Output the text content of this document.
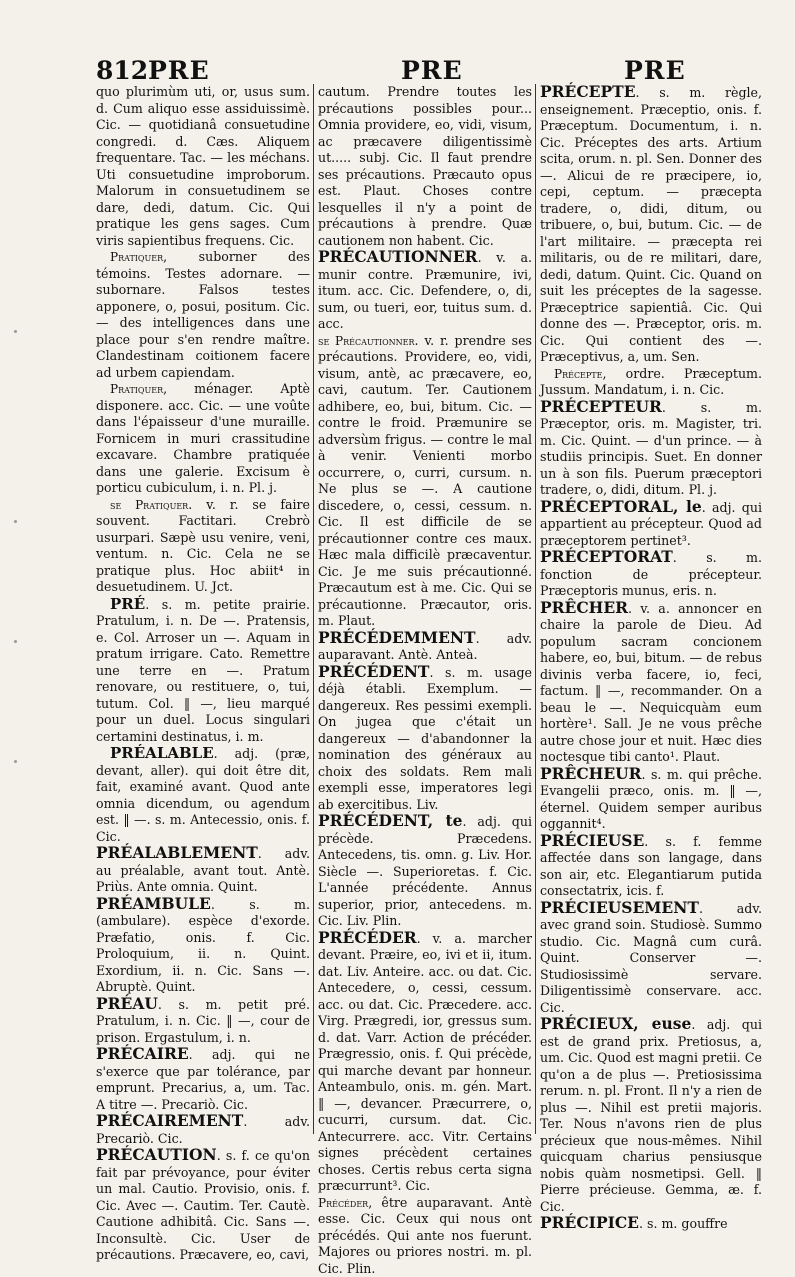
812 PRE	PRE	PRE

quo plurimùm uti, or, usus sum. d. Cum aliquo esse assiduissimè. Cic. — quotidianâ consuetudine congredi. d. Cæs. Aliquem frequentare. Tac. — les méchans. Uti consuetudine improborum. Malorum in consuetudinem se dare, dedi, datum. Cic. Qui pratique les gens sages. Cum viris sapientibus frequens. Cic.

Pratiquer, suborner des témoins. Testes adornare. — subornare. Falsos testes apponere, o, posui, positum. Cic. — des intelligences dans une place pour s'en rendre maître. Clandestinam coitionem facere ad urbem capiendam.

Pratiquer, ménager. Aptè disponere. acc. Cic. — une voûte dans l'épaisseur d'une muraille. Fornicem in muri crassitudine excavare. Chambre pratiquée dans une galerie. Excisum è porticu cubiculum, i. n. Pl. j.

se Pratiquer. v. r. se faire souvent. Factitari. Crebrò usurpari. Sæpè usu venire, veni, ventum. n. Cic. Cela ne se pratique plus. Hoc abiit⁴ in desuetudinem. U. Jct.

PRÉ. s. m. petite prairie. Pratulum, i. n. De —. Pratensis, e. Col. Arroser un —. Aquam in pratum irrigare. Cato. Remettre une terre en —. Pratum renovare, ou restituere, o, tui, tutum. Col. ‖ —, lieu marqué pour un duel. Locus singulari certamini destinatus, i. m.

PRÉALABLE. adj. (præ, devant, aller). qui doit être dit, fait, examiné avant. Quod ante omnia dicendum, ou agendum est. ‖ —. s. m. Antecessio, onis. f. Cic.

PRÉALABLEMENT. adv. au préalable, avant tout. Antè. Priùs. Ante omnia. Quint.

PRÉAMBULE. s. m. (ambulare). espèce d'exorde. Præfatio, onis. f. Cic. Proloquium, ii. n. Quint. Exordium, ii. n. Cic. Sans —. Abruptè. Quint.

PRÉAU. s. m. petit pré. Pratulum, i. n. Cic. ‖ —, cour de prison. Ergastulum, i. n.

PRÉCAIRE. adj. qui ne s'exerce que par tolérance, par emprunt. Precarius, a, um. Tac. A titre —. Precariò. Cic.

PRÉCAIREMENT. adv. Precariò. Cic.

PRÉCAUTION. s. f. ce qu'on fait par prévoyance, pour éviter un mal. Cautio. Provisio, onis. f. Cic. Avec —. Cautim. Ter. Cautè. Cautione adhibitâ. Cic. Sans —. Inconsultè. Cic. User de précautions. Præcavere, eo, cavi,

cautum. Prendre toutes les précautions possibles pour... Omnia providere, eo, vidi, visum, ac præcavere diligentissimè ut..... subj. Cic. Il faut prendre ses précautions. Præcauto opus est. Plaut. Choses contre lesquelles il n'y a point de précautions à prendre. Quæ cautionem non habent. Cic.

PRÉCAUTIONNER. v. a. munir contre. Præmunire, ivi, itum. acc. Cic. Defendere, o, di, sum, ou tueri, eor, tuitus sum. d. acc.

se Précautionner. v. r. prendre ses précautions. Providere, eo, vidi, visum, antè, ac præcavere, eo, cavi, cautum. Ter. Cautionem adhibere, eo, bui, bitum. Cic. — contre le froid. Præmunire se adversùm frigus. — contre le mal à venir. Venienti morbo occurrere, o, curri, cursum. n. Ne plus se —. A cautione discedere, o, cessi, cessum. n. Cic. Il est difficile de se précautionner contre ces maux. Hæc mala difficilè præcaventur. Cic. Je me suis précautionné. Præcautum est à me. Cic. Qui se précautionne. Præcautor, oris. m. Plaut.

PRÉCÉDEMMENT. adv. auparavant. Antè. Anteà.

PRÉCÉDENT. s. m. usage déjà établi. Exemplum. — dangereux. Res pessimi exempli. On jugea que c'était un dangereux — d'abandonner la nomination des généraux au choix des soldats. Rem mali exempli esse, imperatores legi ab exercitibus. Liv.

PRÉCÉDENT, te. adj. qui précède. Præcedens. Antecedens, tis. omn. g. Liv. Hor. Siècle —. Superioretas. f. Cic. L'année précédente. Annus superior, prior, antecedens. m. Cic. Liv. Plin.

PRÉCÉDER. v. a. marcher devant. Præire, eo, ivi et ii, itum. dat. Liv. Anteire. acc. ou dat. Cic. Antecedere, o, cessi, cessum. acc. ou dat. Cic. Præcedere. acc. Virg. Prægredi, ior, gressus sum. d. dat. Varr. Action de précéder. Prægressio, onis. f. Qui précède, qui marche devant par honneur. Anteambulo, onis. m. gén. Mart. ‖ —, devancer. Præcurrere, o, cucurri, cursum. dat. Cic. Antecurrere. acc. Vitr. Certains signes précèdent certaines choses. Certis rebus certa signa præcurrunt³. Cic.

Précéder, être auparavant. Antè esse. Cic. Ceux qui nous ont précédés. Qui ante nos fuerunt. Majores ou priores nostri. m. pl. Cic. Plin.

PRÉCEPTE. s. m. règle, enseignement. Præceptio, onis. f. Præceptum. Documentum, i. n. Cic. Préceptes des arts. Artium scita, orum. n. pl. Sen. Donner des —. Alicui de re præcipere, io, cepi, ceptum. — præcepta tradere, o, didi, ditum, ou tribuere, o, bui, butum. Cic. — de l'art militaire. — præcepta rei militaris, ou de re militari, dare, dedi, datum. Quint. Cic. Quand on suit les préceptes de la sagesse. Præceptrice sapientiâ. Cic. Qui donne des —. Præceptor, oris. m. Cic. Qui contient des —. Præceptivus, a, um. Sen.

Précepte, ordre. Præceptum. Jussum. Mandatum, i. n. Cic.

PRÉCEPTEUR. s. m. Præceptor, oris. m. Magister, tri. m. Cic. Quint. — d'un prince. — à studiis principis. Suet. En donner un à son fils. Puerum præceptori tradere, o, didi, ditum. Pl. j.

PRÉCEPTORAL, le. adj. qui appartient au précepteur. Quod ad præceptorem pertinet³.

PRÉCEPTORAT. s. m. fonction de précepteur. Præceptoris munus, eris. n.

PRÊCHER. v. a. annoncer en chaire la parole de Dieu. Ad populum sacram concionem habere, eo, bui, bitum. — de rebus divinis verba facere, io, feci, factum. ‖ —, recommander. On a beau le —. Nequicquàm eum hortère¹. Sall. Je ne vous prêche autre chose jour et nuit. Hæc dies noctesque tibi canto¹. Plaut.

PRÊCHEUR. s. m. qui prêche. Evangelii præco, onis. m. ‖ —, éternel. Quidem semper auribus oggannit⁴.

PRÉCIEUSE. s. f. femme affectée dans son langage, dans son air, etc. Elegantiarum putida consectatrix, icis. f.

PRÉCIEUSEMENT. adv. avec grand soin. Studiosè. Summo studio. Cic. Magnâ cum curâ. Quint. Conserver —. Studiosissimè servare. Diligentissimè conservare. acc. Cic.

PRÉCIEUX, euse. adj. qui est de grand prix. Pretiosus, a, um. Cic. Quod est magni pretii. Ce qu'on a de plus —. Pretiosissima rerum. n. pl. Front. Il n'y a rien de plus —. Nihil est pretii majoris. Ter. Nous n'avons rien de plus précieux que nous-mêmes. Nihil quicquam charius pensiusque nobis quàm nosmetipsi. Gell. ‖ Pierre précieuse. Gemma, æ. f. Cic.

PRÉCIPICE. s. m. gouffre
